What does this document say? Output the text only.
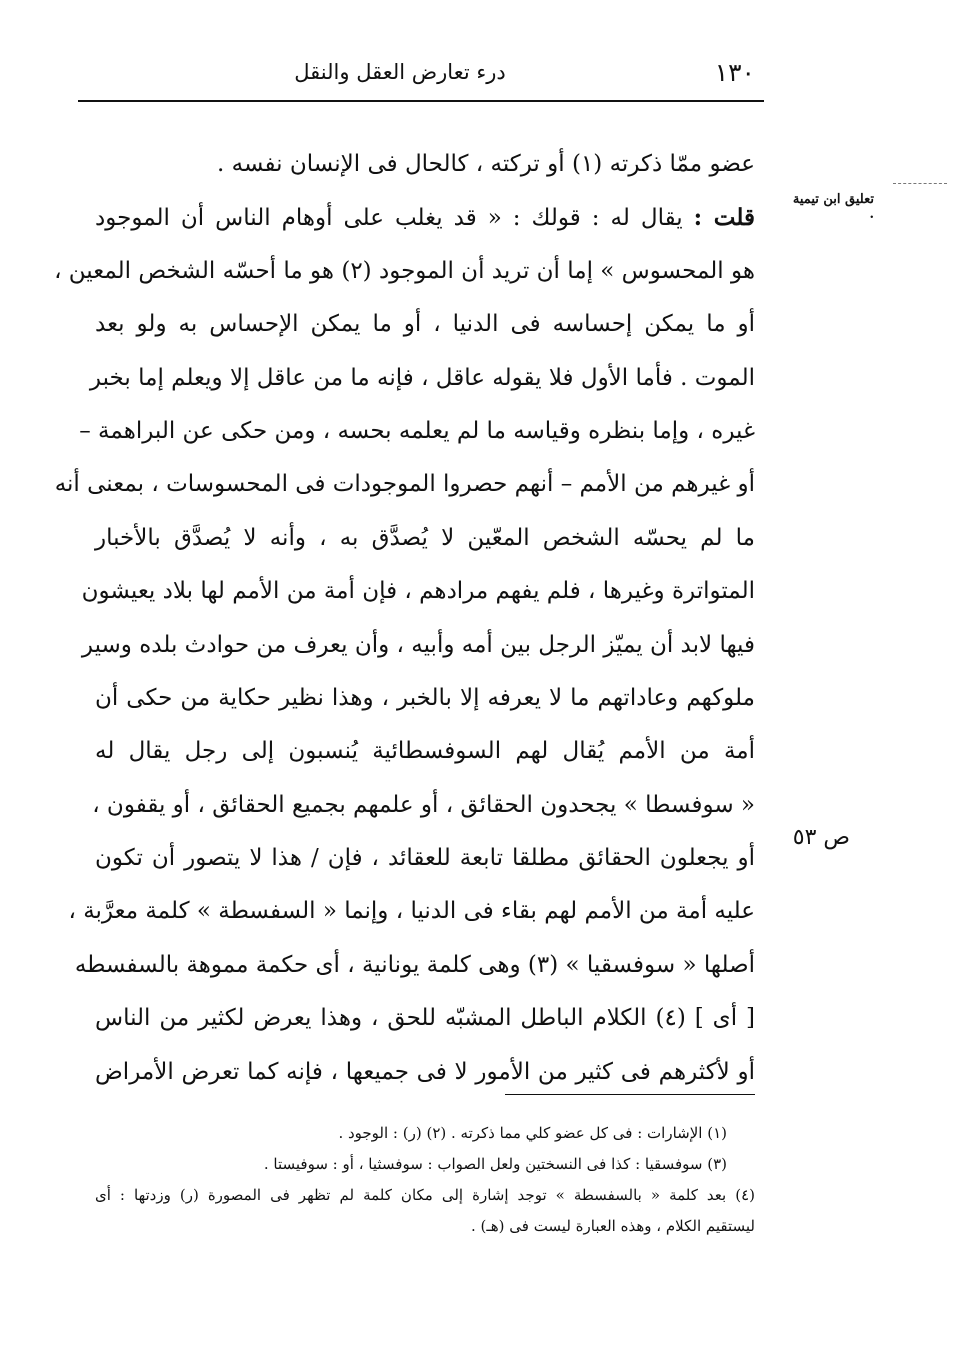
١٣٠
درء تعارض العقل والنقل
تعليق ابن تيمية .
ص ٥٣
عضو ممّا ذكرته (١) أو تركته ، كالحال فى الإنسان نفسه .
قلت : يقال له : قولك : « قد يغلب على أوهام الناس أن الموجود
هو المحسوس » إما أن تريد أن الموجود (٢) هو ما أحسّه الشخص المعين ،
أو ما يمكن إحساسه فى الدنيا ، أو ما يمكن الإحساس به ولو بعد
الموت . فأما الأول فلا يقوله عاقل ، فإنه ما من عاقل إلا ويعلم إما بخبر
غيره ، وإما بنظره وقياسه ما لم يعلمه بحسه ، ومن حكى عن البراهمة –
أو غيرهم من الأمم – أنهم حصروا الموجودات فى المحسوسات ، بمعنى أنه
ما لم يحسّه الشخص المعّين لا يُصدَّق به ، وأنه لا يُصدَّق بالأخبار
المتواترة وغيرها ، فلم يفهم مرادهم ، فإن أمة من الأمم لها بلاد يعيشون
فيها لابد أن يميّز الرجل بين أمه وأبيه ، وأن يعرف من حوادث بلده وسير
ملوكهم وعاداتهم ما لا يعرفه إلا بالخبر ، وهذا نظير حكاية من حكى أن
أمة من الأمم يُقال لهم السوفسطائية يُنسبون إلى رجل يقال له
« سوفسطا » يجحدون الحقائق ، أو علمهم بجميع الحقائق ، أو يقفون ،
أو يجعلون الحقائق مطلقا تابعة للعقائد ، فإن / هذا لا يتصور أن تكون
عليه أمة من الأمم لهم بقاء فى الدنيا ، وإنما « السفسطة » كلمة معرَّبة ،
أصلها « سوفسقيا » (٣) وهى كلمة يونانية ، أى حكمة مموهة بالسفسطه
[ أى ] (٤) الكلام الباطل المشبّه للحق ، وهذا يعرض لكثير من الناس
أو لأكثرهم فى كثير من الأمور لا فى جميعها ، فإنه كما تعرض الأمراض
(١) الإشارات : فى كل عضو كلي مما ذكرته . (٢) (ر) : الوجود .
(٣) سوفسقيا : كذا فى النسختين ولعل الصواب : سوفسثيا ، أو : سوفيستا .
(٤) بعد كلمة « بالسفسطة » توجد إشارة إلى مكان كلمة لم تظهر فى المصورة (ر) وزدتها : أى
ليستقيم الكلام ، وهذه العبارة ليست فى (هـ) .
